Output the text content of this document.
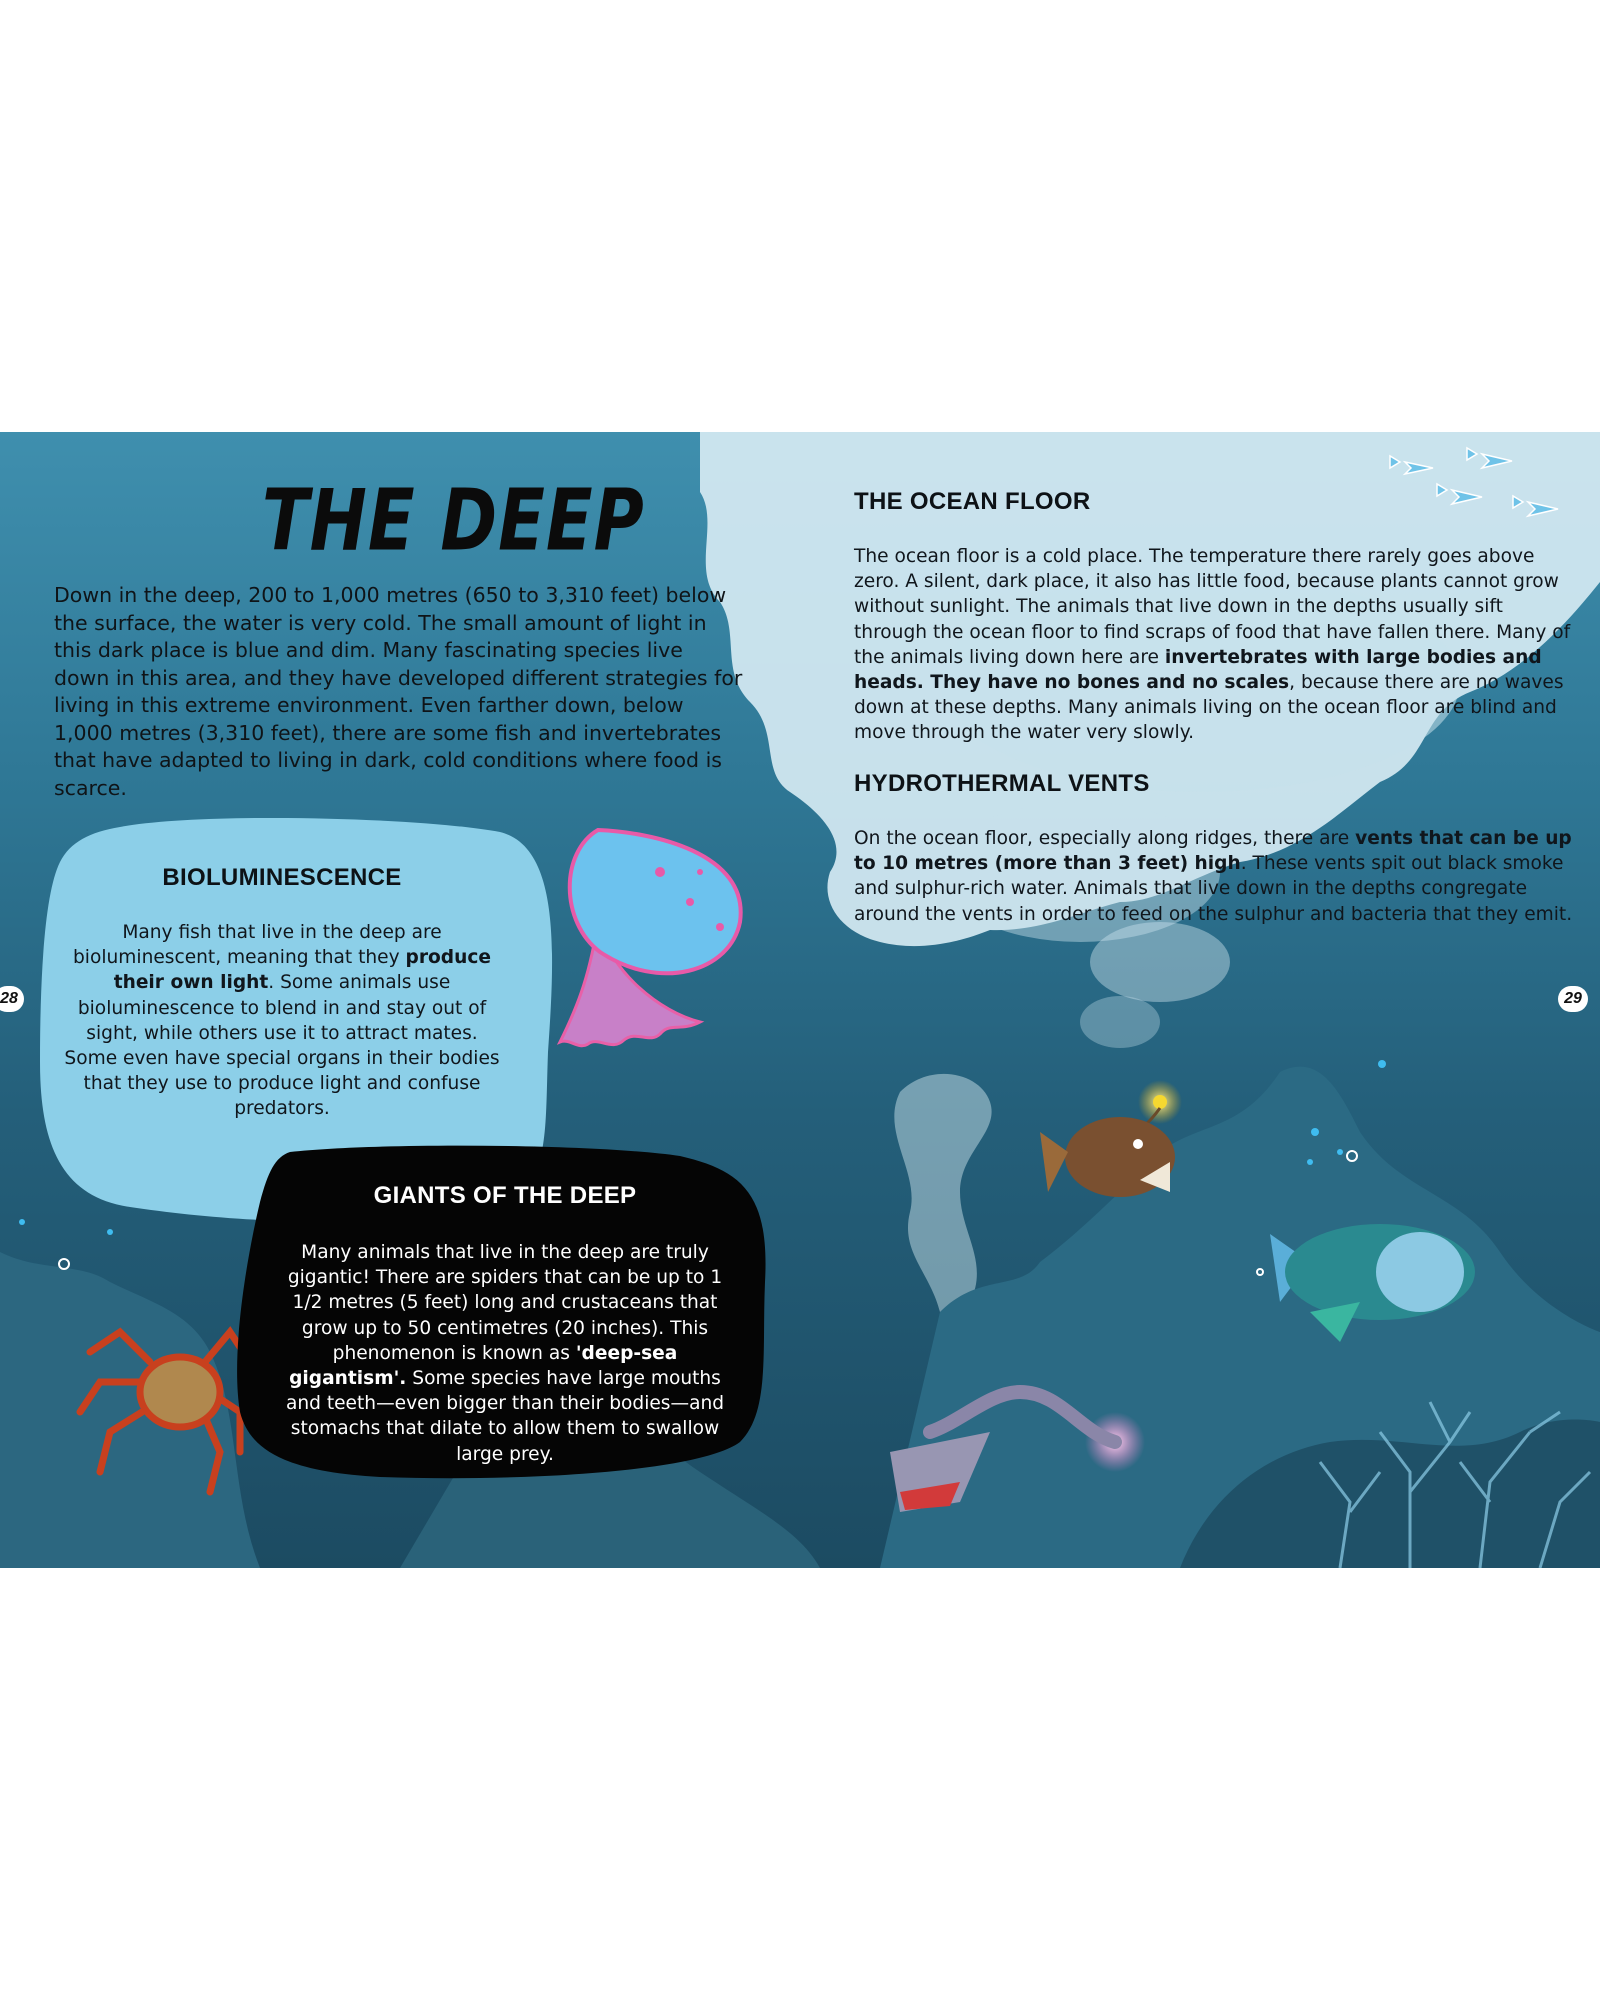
THE DEEP

Down in the deep, 200 to 1,000 metres (650 to 3,310 feet) below the surface, the water is very cold. The small amount of light in this dark place is blue and dim. Many fascinating species live down in this area, and they have developed different strategies for living in this extreme environment. Even farther down, below 1,000 metres (3,310 feet), there are some fish and invertebrates that have adapted to living in dark, cold conditions where food is scarce.

BIOLUMINESCENCE

Many fish that live in the deep are bioluminescent, meaning that they produce their own light. Some animals use bioluminescence to blend in and stay out of sight, while others use it to attract mates. Some even have special organs in their bodies that they use to produce light and confuse predators.

GIANTS OF THE DEEP

Many animals that live in the deep are truly gigantic! There are spiders that can be up to 1 1/2 metres (5 feet) long and crustaceans that grow up to 50 centimetres (20 inches). This phenomenon is known as 'deep-sea gigantism'. Some species have large mouths and teeth—even bigger than their bodies—and stomachs that dilate to allow them to swallow large prey.

THE OCEAN FLOOR

The ocean floor is a cold place. The temperature there rarely goes above zero. A silent, dark place, it also has little food, because plants cannot grow without sunlight. The animals that live down in the depths usually sift through the ocean floor to find scraps of food that have fallen there. Many of the animals living down here are invertebrates with large bodies and heads. They have no bones and no scales, because there are no waves down at these depths. Many animals living on the ocean floor are blind and move through the water very slowly.

HYDROTHERMAL VENTS

On the ocean floor, especially along ridges, there are vents that can be up to 10 metres (more than 3 feet) high. These vents spit out black smoke and sulphur-rich water. Animals that live down in the depths congregate around the vents in order to feed on the sulphur and bacteria that they emit.

28	29
